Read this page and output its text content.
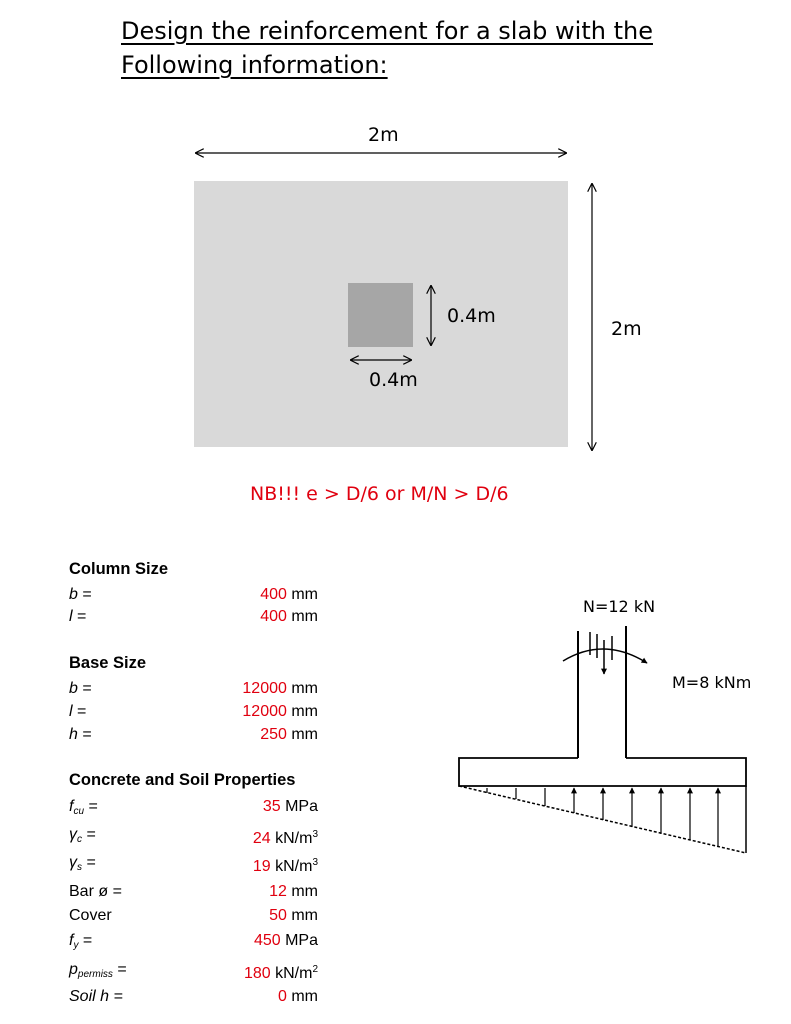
Design the reinforcement for a slab with the
Following information:
2m
2m
0.4m
0.4m
NB!!! e > D/6 or M/N > D/6
N=12 kN
M=8 kNm
Column Size
b =	400 mm
l =	400 mm
Base Size
b =	12000 mm
l =	12000 mm
h =	250 mm
Concrete and Soil Properties
$f_{cu}$ =	35 MPa
$\gamma_c$ =	24 $kN/m^3$
$\gamma_s$ =	19 $kN/m^3$
Bar ø =	12 mm
Cover	50 mm
$f_y$ =	450 MPa
$p_{permiss}$ =	180 $kN/m^2$
Soil h =	0 mm
